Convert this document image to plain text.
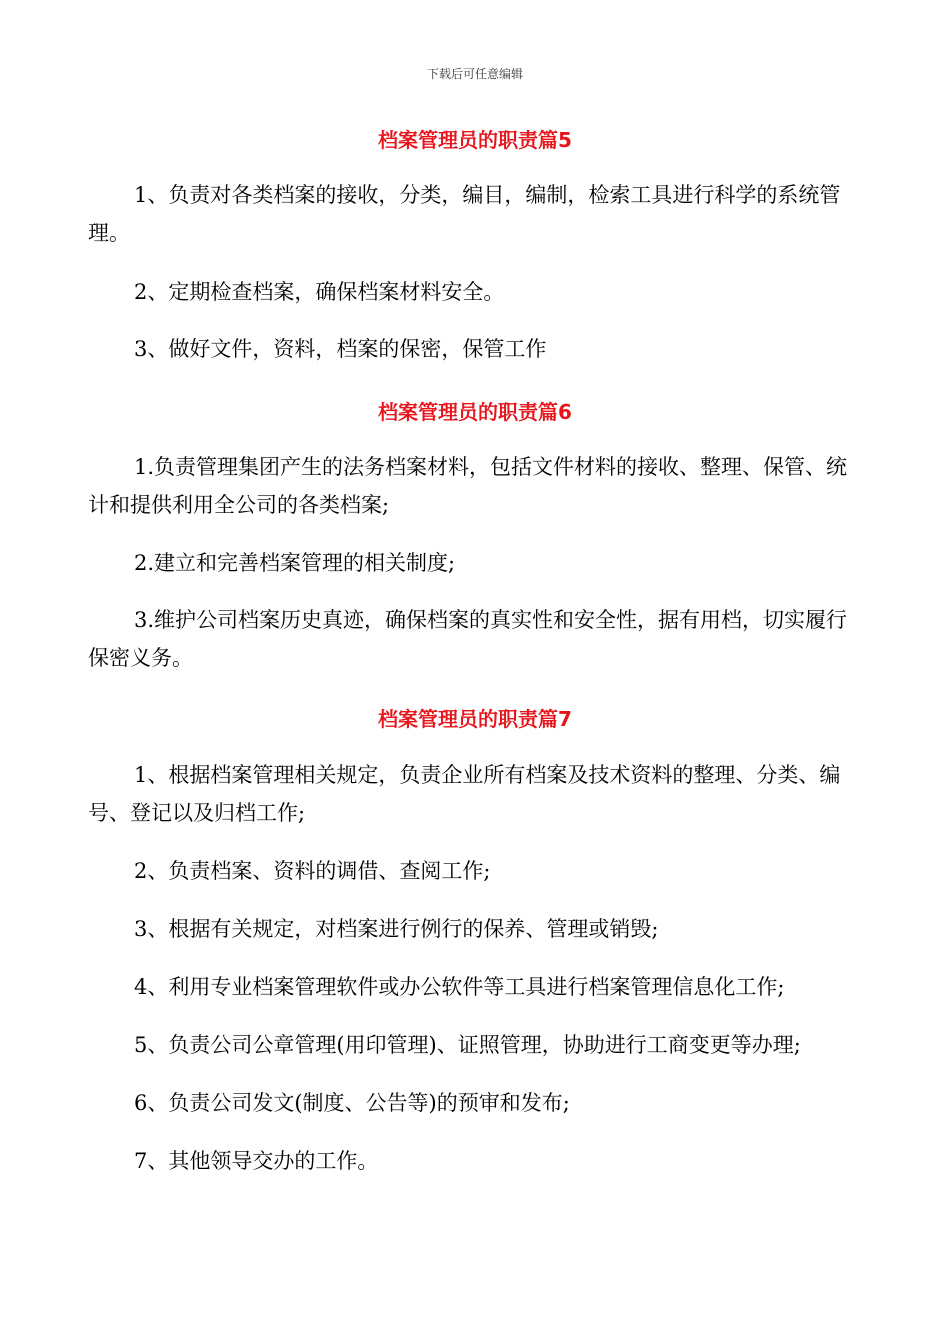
下载后可任意编辑
档案管理员的职责篇5

1、负责对各类档案的接收，分类，编目，编制，检索工具进行科学的系统管理。

2、定期检查档案，确保档案材料安全。

3、做好文件，资料，档案的保密，保管工作

档案管理员的职责篇6

1.负责管理集团产生的法务档案材料，包括文件材料的接收、整理、保管、统计和提供利用全公司的各类档案;

2.建立和完善档案管理的相关制度;

3.维护公司档案历史真迹，确保档案的真实性和安全性，据有用档，切实履行保密义务。

档案管理员的职责篇7

1、根据档案管理相关规定，负责企业所有档案及技术资料的整理、分类、编号、登记以及归档工作;

2、负责档案、资料的调借、查阅工作;

3、根据有关规定，对档案进行例行的保养、管理或销毁;

4、利用专业档案管理软件或办公软件等工具进行档案管理信息化工作;

5、负责公司公章管理(用印管理)、证照管理，协助进行工商变更等办理;

6、负责公司发文(制度、公告等)的预审和发布;

7、其他领导交办的工作。
